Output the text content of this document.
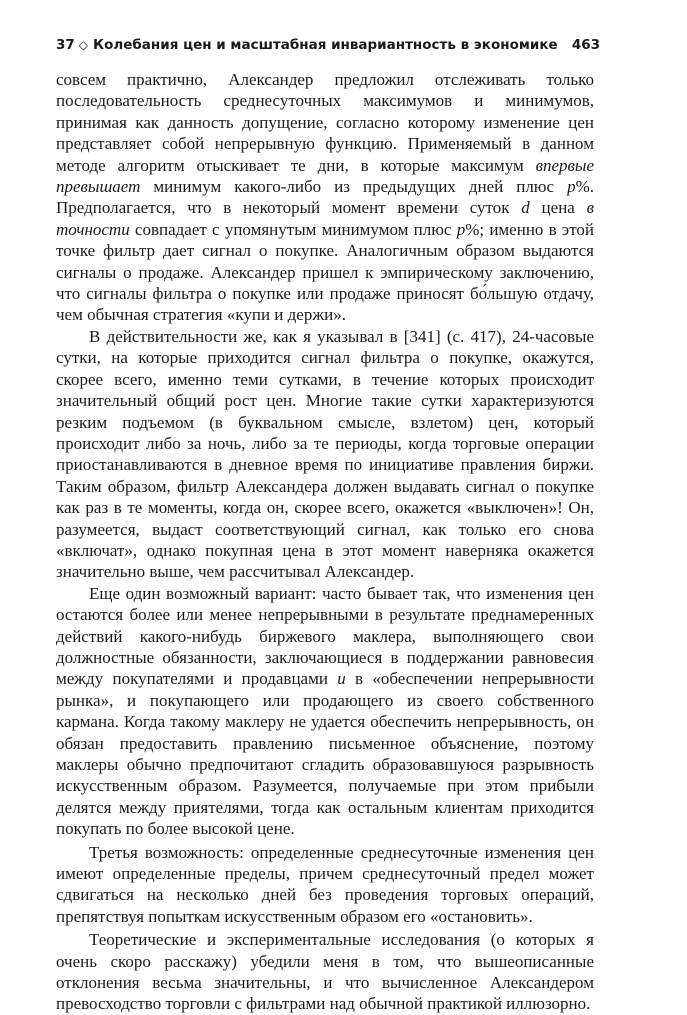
37 ◇ Колебания цен и масштабная инвариантность в экономике 463

совсем практично, Александер предложил отслеживать только последовательность среднесуточных максимумов и минимумов, принимая как данность допущение, согласно которому изменение цен представляет собой непрерывную функцию. Применяемый в данном методе алгоритм отыскивает те дни, в которые максимум впервые превышает минимум какого-либо из предыдущих дней плюс p%. Предполагается, что в некоторый момент времени суток d цена в точности совпадает с упомянутым минимумом плюс p%; именно в этой точке фильтр дает сигнал о покупке. Аналогичным образом выдаются сигналы о продаже. Александер пришел к эмпирическому заключению, что сигналы фильтра о покупке или продаже приносят бо́льшую отдачу, чем обычная стратегия «купи и держи».

В действительности же, как я указывал в [341] (с. 417), 24-часовые сутки, на которые приходится сигнал фильтра о покупке, окажутся, скорее всего, именно теми сутками, в течение которых происходит значительный общий рост цен. Многие такие сутки характеризуются резким подъемом (в буквальном смысле, взлетом) цен, который происходит либо за ночь, либо за те периоды, когда торговые операции приостанавливаются в дневное время по инициативе правления биржи. Таким образом, фильтр Александера должен выдавать сигнал о покупке как раз в те моменты, когда он, скорее всего, окажется «выключен»! Он, разумеется, выдаст соответствующий сигнал, как только его снова «включат», однако покупная цена в этот момент наверняка окажется значительно выше, чем рассчитывал Александер.

Еще один возможный вариант: часто бывает так, что изменения цен остаются более или менее непрерывными в результате преднамеренных действий какого-нибудь биржевого маклера, выполняющего свои должностные обязанности, заключающиеся в поддержании равновесия между покупателями и продавцами и в «обеспечении непрерывности рынка», и покупающего или продающего из своего собственного кармана. Когда такому маклеру не удается обеспечить непрерывность, он обязан предоставить правлению письменное объяснение, поэтому маклеры обычно предпочитают сгладить образовавшуюся разрывность искусственным образом. Разумеется, получаемые при этом прибыли делятся между приятелями, тогда как остальным клиентам приходится покупать по более высокой цене.

Третья возможность: определенные среднесуточные изменения цен имеют определенные пределы, причем среднесуточный предел может сдвигаться на несколько дней без проведения торговых операций, препятствуя попыткам искусственным образом его «остановить».

Теоретические и экспериментальные исследования (о которых я очень скоро расскажу) убедили меня в том, что вышеописанные отклонения весьма значительны, и что вычисленное Александером превосходство торговли с фильтрами над обычной практикой иллюзорно.
